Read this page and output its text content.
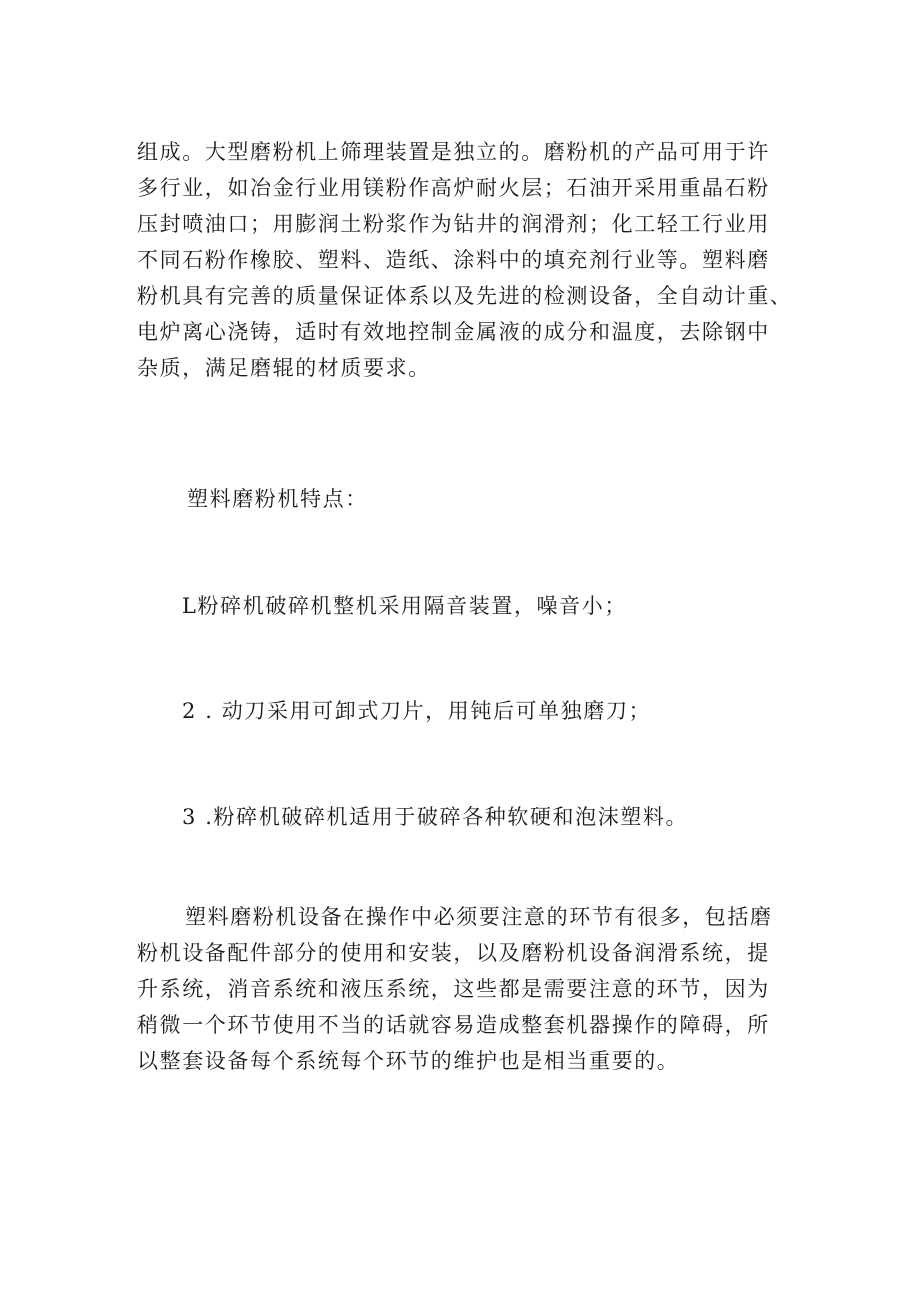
组成。大型磨粉机上筛理装置是独立的。磨粉机的产品可用于许
多行业，如冶金行业用镁粉作高炉耐火层；石油开采用重晶石粉
压封喷油口；用膨润土粉浆作为钻井的润滑剂；化工轻工行业用
不同石粉作橡胶、塑料、造纸、涂料中的填充剂行业等。塑料磨
粉机具有完善的质量保证体系以及先进的检测设备，全自动计重、
电炉离心浇铸，适时有效地控制金属液的成分和温度，去除钢中
杂质，满足磨辊的材质要求。

塑料磨粉机特点：

L粉碎机破碎机整机采用隔音装置，噪音小；

2 . 动刀采用可卸式刀片，用钝后可单独磨刀；

3 .粉碎机破碎机适用于破碎各种软硬和泡沫塑料。

塑料磨粉机设备在操作中必须要注意的环节有很多，包括磨
粉机设备配件部分的使用和安装，以及磨粉机设备润滑系统，提
升系统，消音系统和液压系统，这些都是需要注意的环节，因为
稍微一个环节使用不当的话就容易造成整套机器操作的障碍，所
以整套设备每个系统每个环节的维护也是相当重要的。
